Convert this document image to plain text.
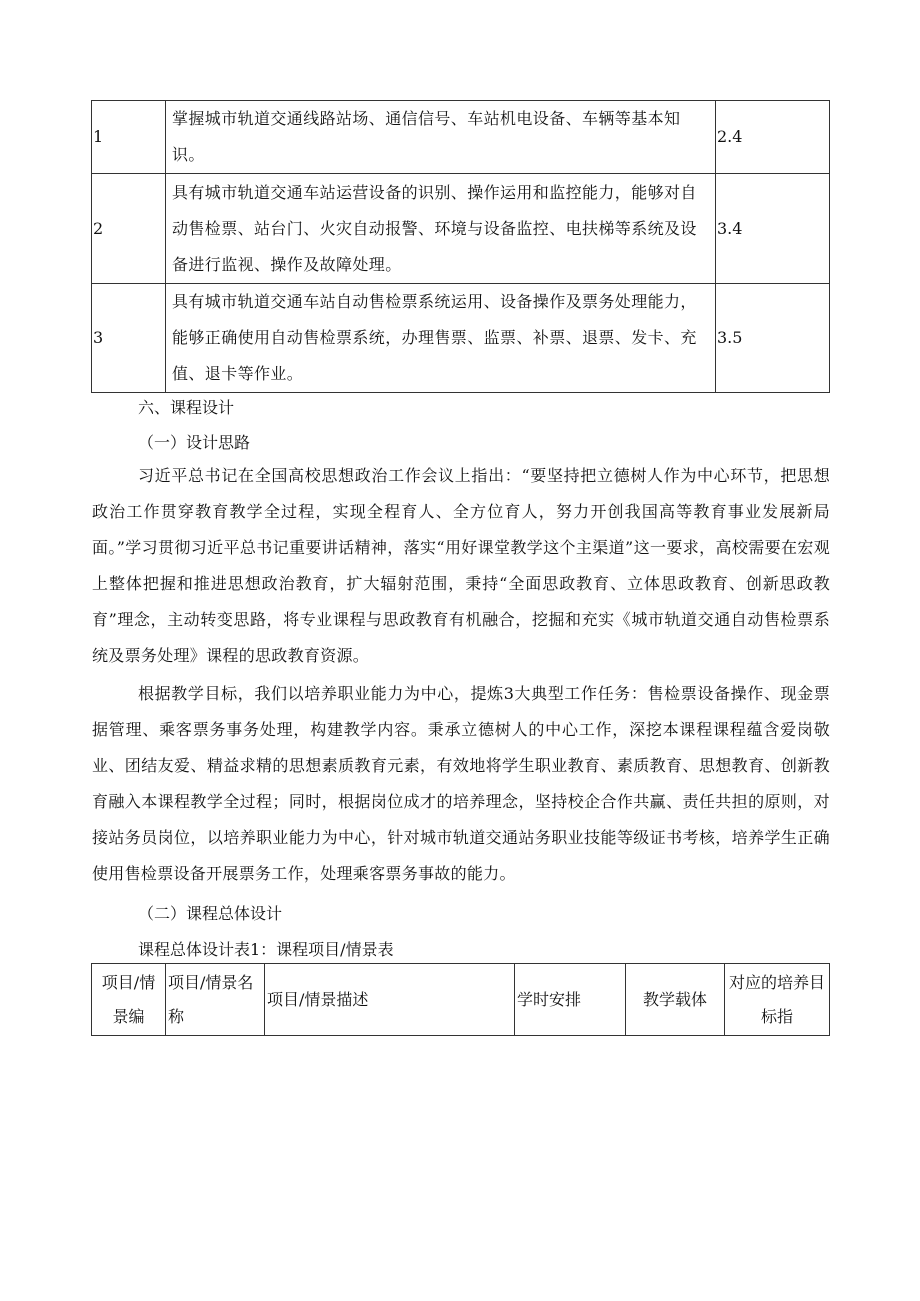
1	掌握城市轨道交通线路站场、通信信号、车站机电设备、车辆等基本知识。	2.4
2	具有城市轨道交通车站运营设备的识别、操作运用和监控能力，能够对自动售检票、站台门、火灾自动报警、环境与设备监控、电扶梯等系统及设备进行监视、操作及故障处理。	3.4
3	具有城市轨道交通车站自动售检票系统运用、设备操作及票务处理能力，能够正确使用自动售检票系统，办理售票、监票、补票、退票、发卡、充值、退卡等作业。	3.5
六、课程设计
（一）设计思路

习近平总书记在全国高校思想政治工作会议上指出：“要坚持把立德树人作为中心环节，把思想政治工作贯穿教育教学全过程，实现全程育人、全方位育人，努力开创我国高等教育事业发展新局面。”学习贯彻习近平总书记重要讲话精神，落实“用好课堂教学这个主渠道”这一要求，高校需要在宏观上整体把握和推进思想政治教育，扩大辐射范围，秉持“全面思政教育、立体思政教育、创新思政教育”理念，主动转变思路，将专业课程与思政教育有机融合，挖掘和充实《城市轨道交通自动售检票系统及票务处理》课程的思政教育资源。

根据教学目标，我们以培养职业能力为中心，提炼3大典型工作任务：售检票设备操作、现金票据管理、乘客票务事务处理，构建教学内容。秉承立德树人的中心工作，深挖本课程课程蕴含爱岗敬业、团结友爱、精益求精的思想素质教育元素，有效地将学生职业教育、素质教育、思想教育、创新教育融入本课程教学全过程；同时，根据岗位成才的培养理念，坚持校企合作共赢、责任共担的原则，对接站务员岗位，以培养职业能力为中心，针对城市轨道交通站务职业技能等级证书考核，培养学生正确使用售检票设备开展票务工作，处理乘客票务事故的能力。

（二）课程总体设计
课程总体设计表1：课程项目/情景表
项目/情景编	项目/情景名称	项目/情景描述	学时安排	教学载体	对应的培养目标指
